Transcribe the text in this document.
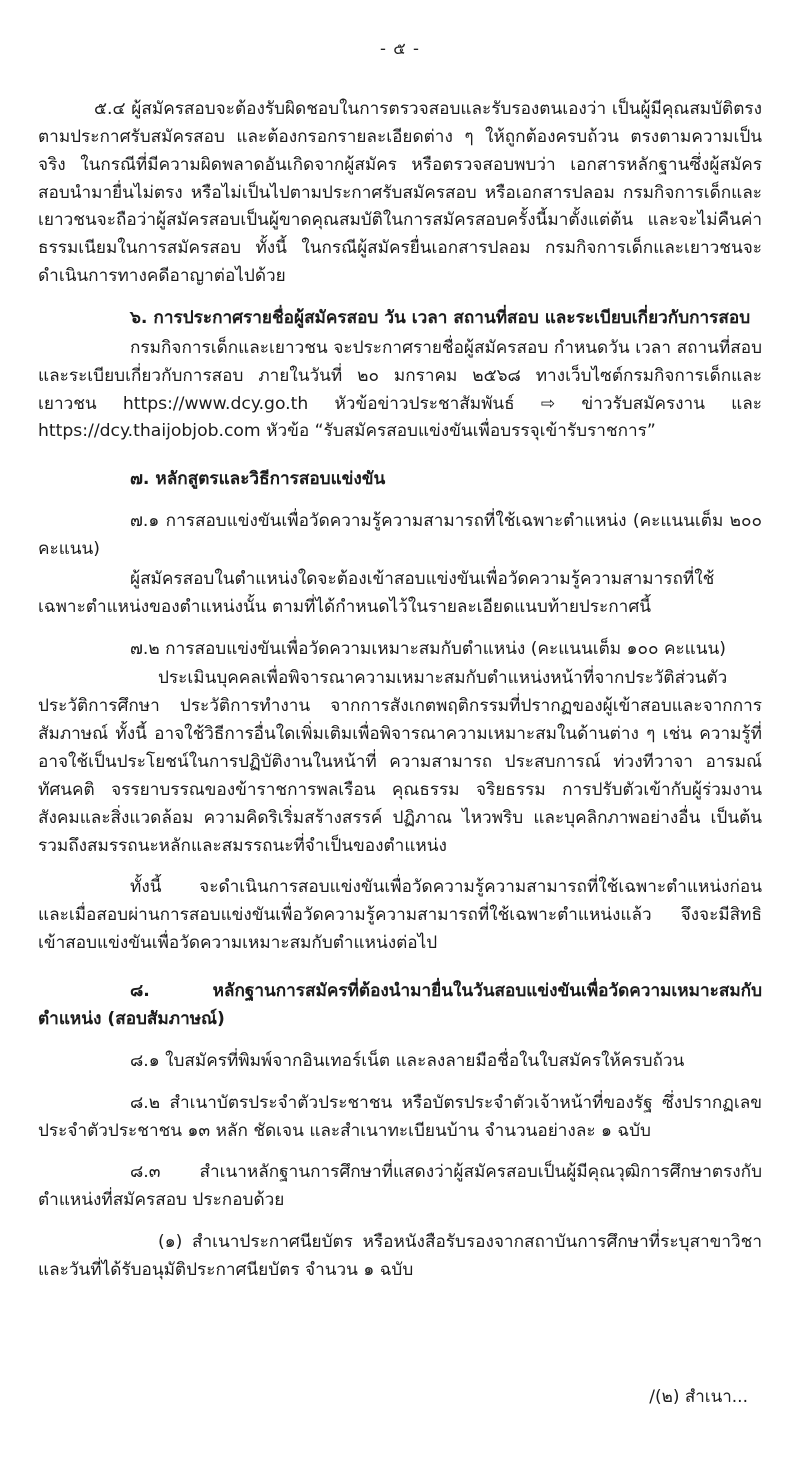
- ๕ -

๕.๔ ผู้สมัครสอบจะต้องรับผิดชอบในการตรวจสอบและรับรองตนเองว่า เป็นผู้มีคุณสมบัติตรงตามประกาศรับสมัครสอบ และต้องกรอกรายละเอียดต่าง ๆ ให้ถูกต้องครบถ้วน ตรงตามความเป็นจริง ในกรณีที่มีความผิดพลาดอันเกิดจากผู้สมัคร หรือตรวจสอบพบว่า เอกสารหลักฐานซึ่งผู้สมัครสอบนำมายื่นไม่ตรง หรือไม่เป็นไปตามประกาศรับสมัครสอบ หรือเอกสารปลอม กรมกิจการเด็กและเยาวชนจะถือว่าผู้สมัครสอบเป็นผู้ขาดคุณสมบัติในการสมัครสอบครั้งนี้มาตั้งแต่ต้น และจะไม่คืนค่าธรรมเนียมในการสมัครสอบ ทั้งนี้ ในกรณีผู้สมัครยื่นเอกสารปลอม กรมกิจการเด็กและเยาวชนจะดำเนินการทางคดีอาญาต่อไปด้วย

๖. การประกาศรายชื่อผู้สมัครสอบ วัน เวลา สถานที่สอบ และระเบียบเกี่ยวกับการสอบ

กรมกิจการเด็กและเยาวชน จะประกาศรายชื่อผู้สมัครสอบ กำหนดวัน เวลา สถานที่สอบ และระเบียบเกี่ยวกับการสอบ ภายในวันที่ ๒๐ มกราคม ๒๕๖๘ ทางเว็บไซต์กรมกิจการเด็กและเยาวชน https://www.dcy.go.th หัวข้อข่าวประชาสัมพันธ์ ⇨ ข่าวรับสมัครงาน และ https://dcy.thaijobjob.com หัวข้อ “รับสมัครสอบแข่งขันเพื่อบรรจุเข้ารับราชการ”

๗. หลักสูตรและวิธีการสอบแข่งขัน

๗.๑ การสอบแข่งขันเพื่อวัดความรู้ความสามารถที่ใช้เฉพาะตำแหน่ง (คะแนนเต็ม ๒๐๐ คะแนน)

ผู้สมัครสอบในตำแหน่งใดจะต้องเข้าสอบแข่งขันเพื่อวัดความรู้ความสามารถที่ใช้เฉพาะตำแหน่งของตำแหน่งนั้น ตามที่ได้กำหนดไว้ในรายละเอียดแนบท้ายประกาศนี้

๗.๒ การสอบแข่งขันเพื่อวัดความเหมาะสมกับตำแหน่ง (คะแนนเต็ม ๑๐๐ คะแนน)

ประเมินบุคคลเพื่อพิจารณาความเหมาะสมกับตำแหน่งหน้าที่จากประวัติส่วนตัว ประวัติการศึกษา ประวัติการทำงาน จากการสังเกตพฤติกรรมที่ปรากฏของผู้เข้าสอบและจากการสัมภาษณ์ ทั้งนี้ อาจใช้วิธีการอื่นใดเพิ่มเติมเพื่อพิจารณาความเหมาะสมในด้านต่าง ๆ เช่น ความรู้ที่อาจใช้เป็นประโยชน์ในการปฏิบัติงานในหน้าที่ ความสามารถ ประสบการณ์ ท่วงทีวาจา อารมณ์ ทัศนคติ จรรยาบรรณของข้าราชการพลเรือน คุณธรรม จริยธรรม การปรับตัวเข้ากับผู้ร่วมงาน สังคมและสิ่งแวดล้อม ความคิดริเริ่มสร้างสรรค์ ปฏิภาณ ไหวพริบ และบุคลิกภาพอย่างอื่น เป็นต้น รวมถึงสมรรถนะหลักและสมรรถนะที่จำเป็นของตำแหน่ง

ทั้งนี้ จะดำเนินการสอบแข่งขันเพื่อวัดความรู้ความสามารถที่ใช้เฉพาะตำแหน่งก่อน และเมื่อสอบผ่านการสอบแข่งขันเพื่อวัดความรู้ความสามารถที่ใช้เฉพาะตำแหน่งแล้ว จึงจะมีสิทธิเข้าสอบแข่งขันเพื่อวัดความเหมาะสมกับตำแหน่งต่อไป

๘. หลักฐานการสมัครที่ต้องนำมายื่นในวันสอบแข่งขันเพื่อวัดความเหมาะสมกับตำแหน่ง (สอบสัมภาษณ์)

๘.๑ ใบสมัครที่พิมพ์จากอินเทอร์เน็ต และลงลายมือชื่อในใบสมัครให้ครบถ้วน

๘.๒ สำเนาบัตรประจำตัวประชาชน หรือบัตรประจำตัวเจ้าหน้าที่ของรัฐ ซึ่งปรากฏเลขประจำตัวประชาชน ๑๓ หลัก ชัดเจน และสำเนาทะเบียนบ้าน จำนวนอย่างละ ๑ ฉบับ

๘.๓ สำเนาหลักฐานการศึกษาที่แสดงว่าผู้สมัครสอบเป็นผู้มีคุณวุฒิการศึกษาตรงกับตำแหน่งที่สมัครสอบ ประกอบด้วย

(๑) สำเนาประกาศนียบัตร หรือหนังสือรับรองจากสถาบันการศึกษาที่ระบุสาขาวิชาและวันที่ได้รับอนุมัติประกาศนียบัตร จำนวน ๑ ฉบับ

/(๒) สำเนา...
